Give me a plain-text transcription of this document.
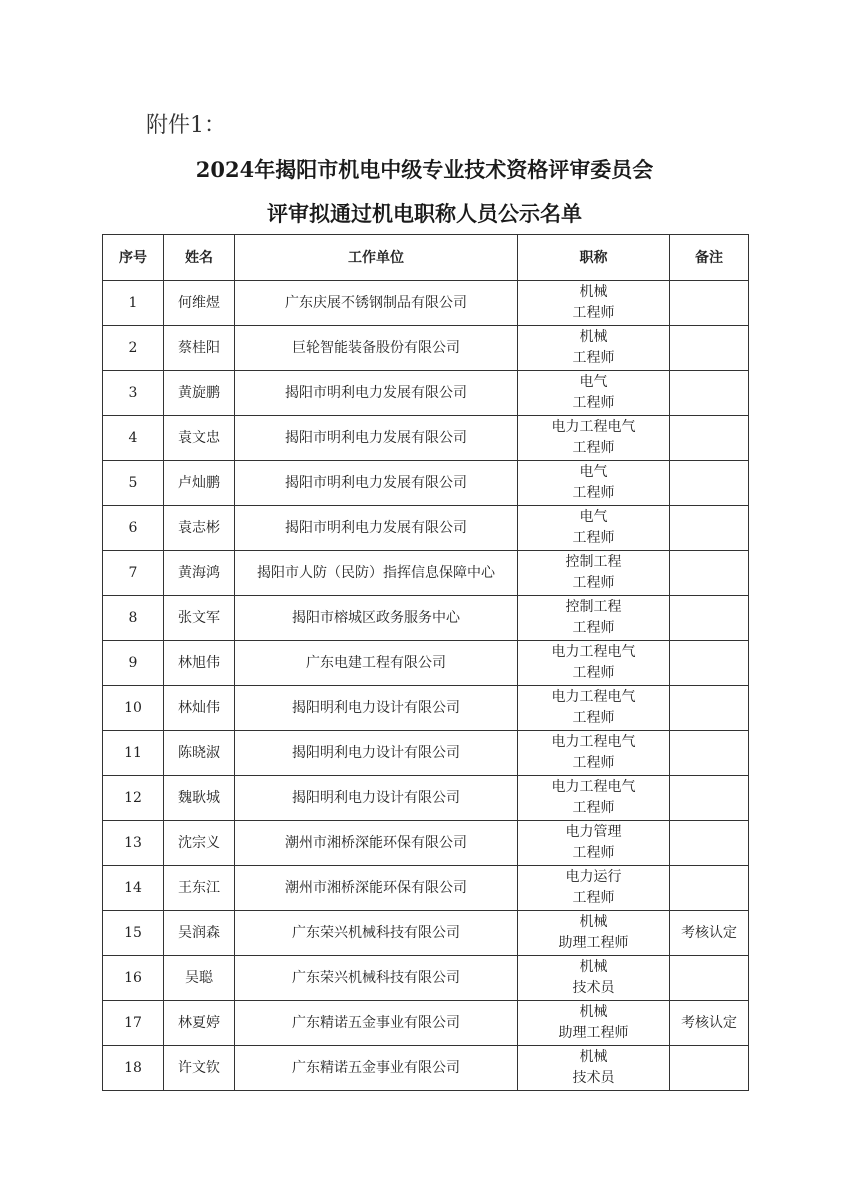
附件1：
2024年揭阳市机电中级专业技术资格评审委员会
评审拟通过机电职称人员公示名单
序号	姓名	工作单位	职称	备注
1	何维煜	广东庆展不锈钢制品有限公司	机械
工程师	

2	蔡桂阳	巨轮智能装备股份有限公司	机械
工程师	

3	黄旋鹏	揭阳市明利电力发展有限公司	电气
工程师	

4	袁文忠	揭阳市明利电力发展有限公司	电力工程电气
工程师	

5	卢灿鹏	揭阳市明利电力发展有限公司	电气
工程师	

6	袁志彬	揭阳市明利电力发展有限公司	电气
工程师	

7	黄海鸿	揭阳市人防（民防）指挥信息保障中心	控制工程
工程师	

8	张文军	揭阳市榕城区政务服务中心	控制工程
工程师	

9	林旭伟	广东电建工程有限公司	电力工程电气
工程师	

10	林灿伟	揭阳明利电力设计有限公司	电力工程电气
工程师	

11	陈晓淑	揭阳明利电力设计有限公司	电力工程电气
工程师	

12	魏耿城	揭阳明利电力设计有限公司	电力工程电气
工程师	

13	沈宗义	潮州市湘桥深能环保有限公司	电力管理
工程师	

14	王东江	潮州市湘桥深能环保有限公司	电力运行
工程师	

15	吴润森	广东荣兴机械科技有限公司	机械
助理工程师	考核认定
16	吴聪	广东荣兴机械科技有限公司	机械
技术员	

17	林夏婷	广东精诺五金事业有限公司	机械
助理工程师	考核认定
18	许文钦	广东精诺五金事业有限公司	机械
技术员	
